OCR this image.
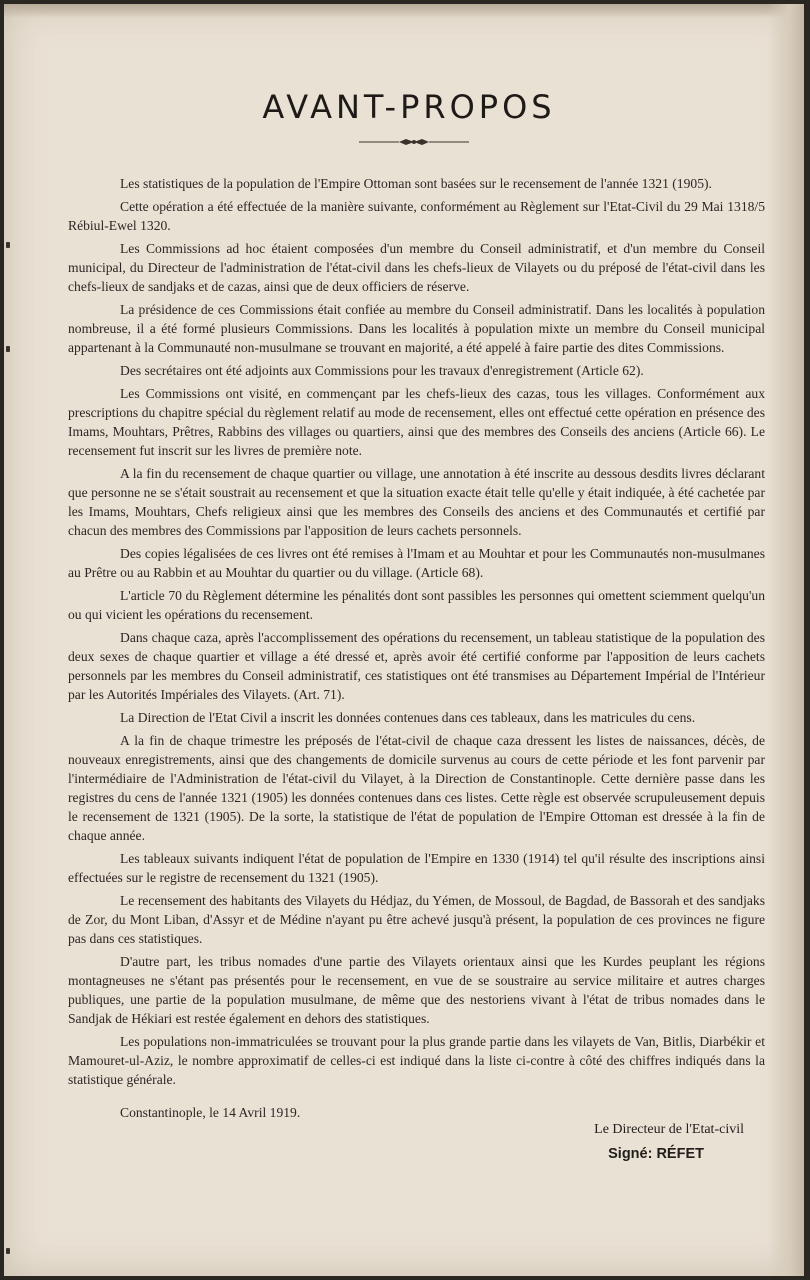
AVANT-PROPOS

Les statistiques de la population de l'Empire Ottoman sont basées sur le recensement de l'année 1321 (1905).

Cette opération a été effectuée de la manière suivante, conformément au Règlement sur l'Etat-Civil du 29 Mai 1318/5 Rébiul-Ewel 1320.

Les Commissions ad hoc étaient composées d'un membre du Conseil administratif, et d'un membre du Conseil municipal, du Directeur de l'administration de l'état-civil dans les chefs-lieux de Vilayets ou du préposé de l'état-civil dans les chefs-lieux de sandjaks et de cazas, ainsi que de deux officiers de réserve.

La présidence de ces Commissions était confiée au membre du Conseil administratif. Dans les localités à population nombreuse, il a été formé plusieurs Commissions. Dans les localités à population mixte un membre du Conseil municipal appartenant à la Communauté non-musulmane se trouvant en majorité, a été appelé à faire partie des dites Commissions.

Des secrétaires ont été adjoints aux Commissions pour les travaux d'enregistrement (Article 62).

Les Commissions ont visité, en commençant par les chefs-lieux des cazas, tous les villages. Conformément aux prescriptions du chapitre spécial du règlement relatif au mode de recensement, elles ont effectué cette opération en présence des Imams, Mouhtars, Prêtres, Rabbins des villages ou quartiers, ainsi que des membres des Conseils des anciens (Article 66). Le recensement fut inscrit sur les livres de première note.

A la fin du recensement de chaque quartier ou village, une annotation à été inscrite au dessous desdits livres déclarant que personne ne se s'était soustrait au recensement et que la situation exacte était telle qu'elle y était indiquée, à été cachetée par les Imams, Mouhtars, Chefs religieux ainsi que les membres des Conseils des anciens et des Communautés et certifié par chacun des membres des Commissions par l'apposition de leurs cachets personnels.

Des copies légalisées de ces livres ont été remises à l'Imam et au Mouhtar et pour les Communautés non-musulmanes au Prêtre ou au Rabbin et au Mouhtar du quartier ou du village. (Article 68).

L'article 70 du Règlement détermine les pénalités dont sont passibles les personnes qui omettent sciemment quelqu'un ou qui vicient les opérations du recensement.

Dans chaque caza, après l'accomplissement des opérations du recensement, un tableau statistique de la population des deux sexes de chaque quartier et village a été dressé et, après avoir été certifié conforme par l'apposition de leurs cachets personnels par les membres du Conseil administratif, ces statistiques ont été transmises au Département Impérial de l'Intérieur par les Autorités Impériales des Vilayets. (Art. 71).

La Direction de l'Etat Civil a inscrit les données contenues dans ces tableaux, dans les matricules du cens.

A la fin de chaque trimestre les préposés de l'état-civil de chaque caza dressent les listes de naissances, décès, de nouveaux enregistrements, ainsi que des changements de domicile survenus au cours de cette période et les font parvenir par l'intermédiaire de l'Administration de l'état-civil du Vilayet, à la Direction de Constantinople. Cette dernière passe dans les registres du cens de l'année 1321 (1905) les données contenues dans ces listes. Cette règle est observée scrupuleusement depuis le recensement de 1321 (1905). De la sorte, la statistique de l'état de population de l'Empire Ottoman est dressée à la fin de chaque année.

Les tableaux suivants indiquent l'état de population de l'Empire en 1330 (1914) tel qu'il résulte des inscriptions ainsi effectuées sur le registre de recensement du 1321 (1905).

Le recensement des habitants des Vilayets du Hédjaz, du Yémen, de Mossoul, de Bagdad, de Bassorah et des sandjaks de Zor, du Mont Liban, d'Assyr et de Médine n'ayant pu être achevé jusqu'à présent, la population de ces provinces ne figure pas dans ces statistiques.

D'autre part, les tribus nomades d'une partie des Vilayets orientaux ainsi que les Kurdes peuplant les régions montagneuses ne s'étant pas présentés pour le recensement, en vue de se soustraire au service militaire et autres charges publiques, une partie de la population musulmane, de même que des nestoriens vivant à l'état de tribus nomades dans le Sandjak de Hékiari est restée également en dehors des statistiques.

Les populations non-immatriculées se trouvant pour la plus grande partie dans les vilayets de Van, Bitlis, Diarbékir et Mamouret-ul-Aziz, le nombre approximatif de celles-ci est indiqué dans la liste ci-contre à côté des chiffres indiqués dans la statistique générale.

Constantinople, le 14 Avril 1919.

Le Directeur de l'Etat-civil
Signé: RÉFET
